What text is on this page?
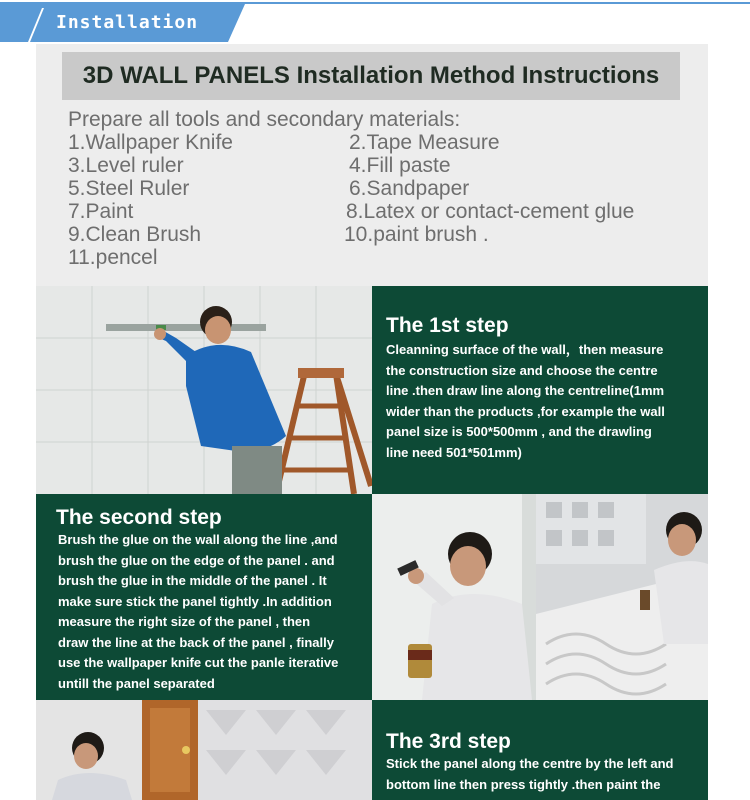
Installation
3D WALL PANELS Installation Method Instructions
Prepare all tools and secondary materials:
1.Wallpaper Knife	2.Tape Measure
3.Level ruler	4.Fill paste
5.Steel Ruler	6.Sandpaper
7.Paint	8.Latex or contact-cement glue
9.Clean Brush	10.paint brush .
11.pencel
The 1st step
Cleanning surface of the wall，then measure
the construction size and choose the centre
line .then draw line along the centreline(1mm
wider than the products ,for example the wall
panel size is 500*500mm , and the drawling
line need 501*501mm)
The second step
Brush the glue on the wall along the line ,and
brush the glue on the edge of the panel . and
brush the glue in the middle of the panel . It
make sure stick the panel tightly .In addition
measure the right size of the panel , then
draw the line at the back of the panel , finally
use the wallpaper knife cut the panle iterative
untill the panel separated
The 3rd step
Stick the panel along the centre by the left and
bottom line then press tightly .then paint the
